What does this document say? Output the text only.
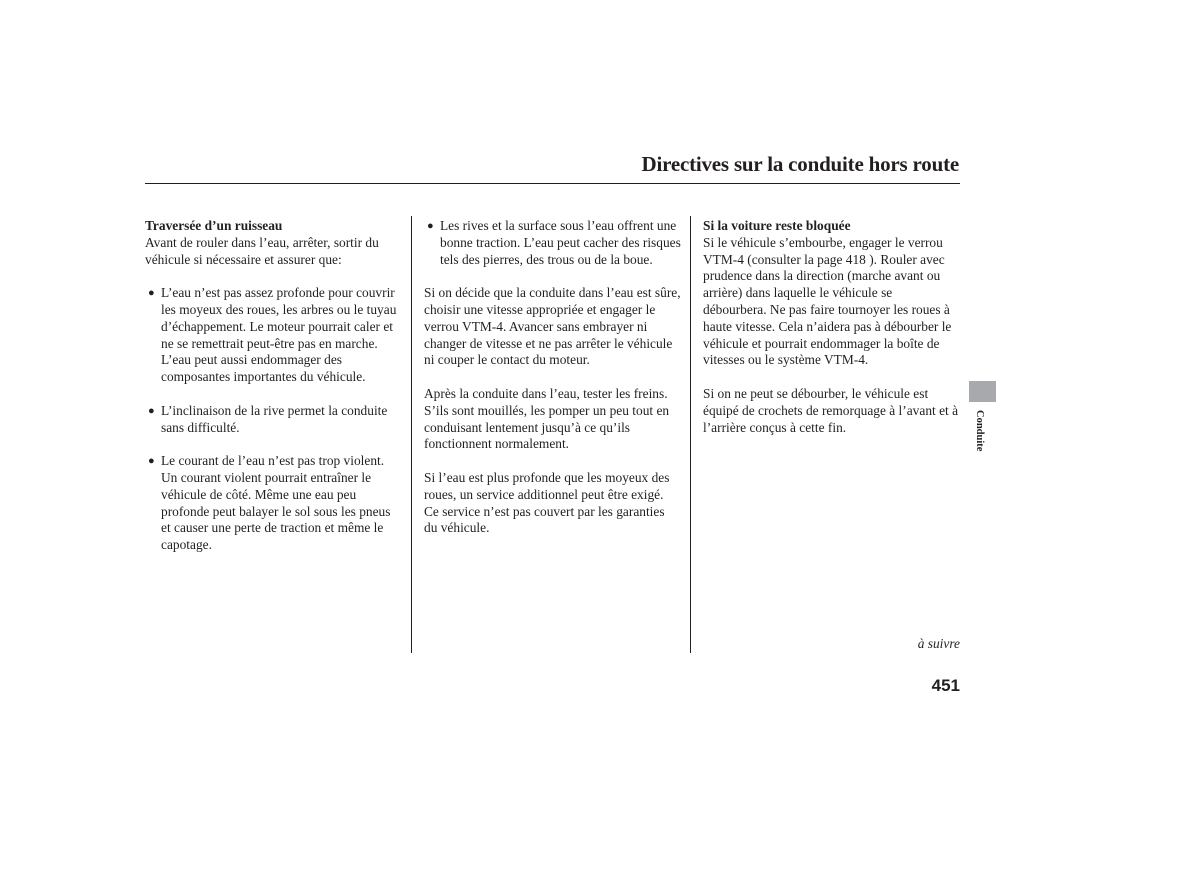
Directives sur la conduite hors route
Traversée d’un ruisseau

Avant de rouler dans l’eau, arrêter, sortir du véhicule si nécessaire et assurer que:

● L’eau n’est pas assez profonde pour couvrir les moyeux des roues, les arbres ou le tuyau d’échappement. Le moteur pourrait caler et ne se remettrait peut-être pas en marche. L’eau peut aussi endommager des composantes importantes du véhicule.

● L’inclinaison de la rive permet la conduite sans difficulté.

● Le courant de l’eau n’est pas trop violent. Un courant violent pourrait entraîner le véhicule de côté. Même une eau peu profonde peut balayer le sol sous les pneus et causer une perte de traction et même le capotage.

● Les rives et la surface sous l’eau offrent une bonne traction. L’eau peut cacher des risques tels des pierres, des trous ou de la boue.

Si on décide que la conduite dans l’eau est sûre, choisir une vitesse appropriée et engager le verrou VTM-4. Avancer sans embrayer ni changer de vitesse et ne pas arrêter le véhicule ni couper le contact du moteur.

Après la conduite dans l’eau, tester les freins. S’ils sont mouillés, les pomper un peu tout en conduisant lentement jusqu’à ce qu’ils fonctionnent normalement.

Si l’eau est plus profonde que les moyeux des roues, un service additionnel peut être exigé. Ce service n’est pas couvert par les garanties du véhicule.

Si la voiture reste bloquée

Si le véhicule s’embourbe, engager le verrou VTM-4 (consulter la page 418 ). Rouler avec prudence dans la direction (marche avant ou arrière) dans laquelle le véhicule se débourbera. Ne pas faire tournoyer les roues à haute vitesse. Cela n’aidera pas à débourber le véhicule et pourrait endommager la boîte de vitesses ou le système VTM-4.

Si on ne peut se débourber, le véhicule est équipé de crochets de remorquage à l’avant et à l’arrière conçus à cette fin.	Conduite
à suivre
451
